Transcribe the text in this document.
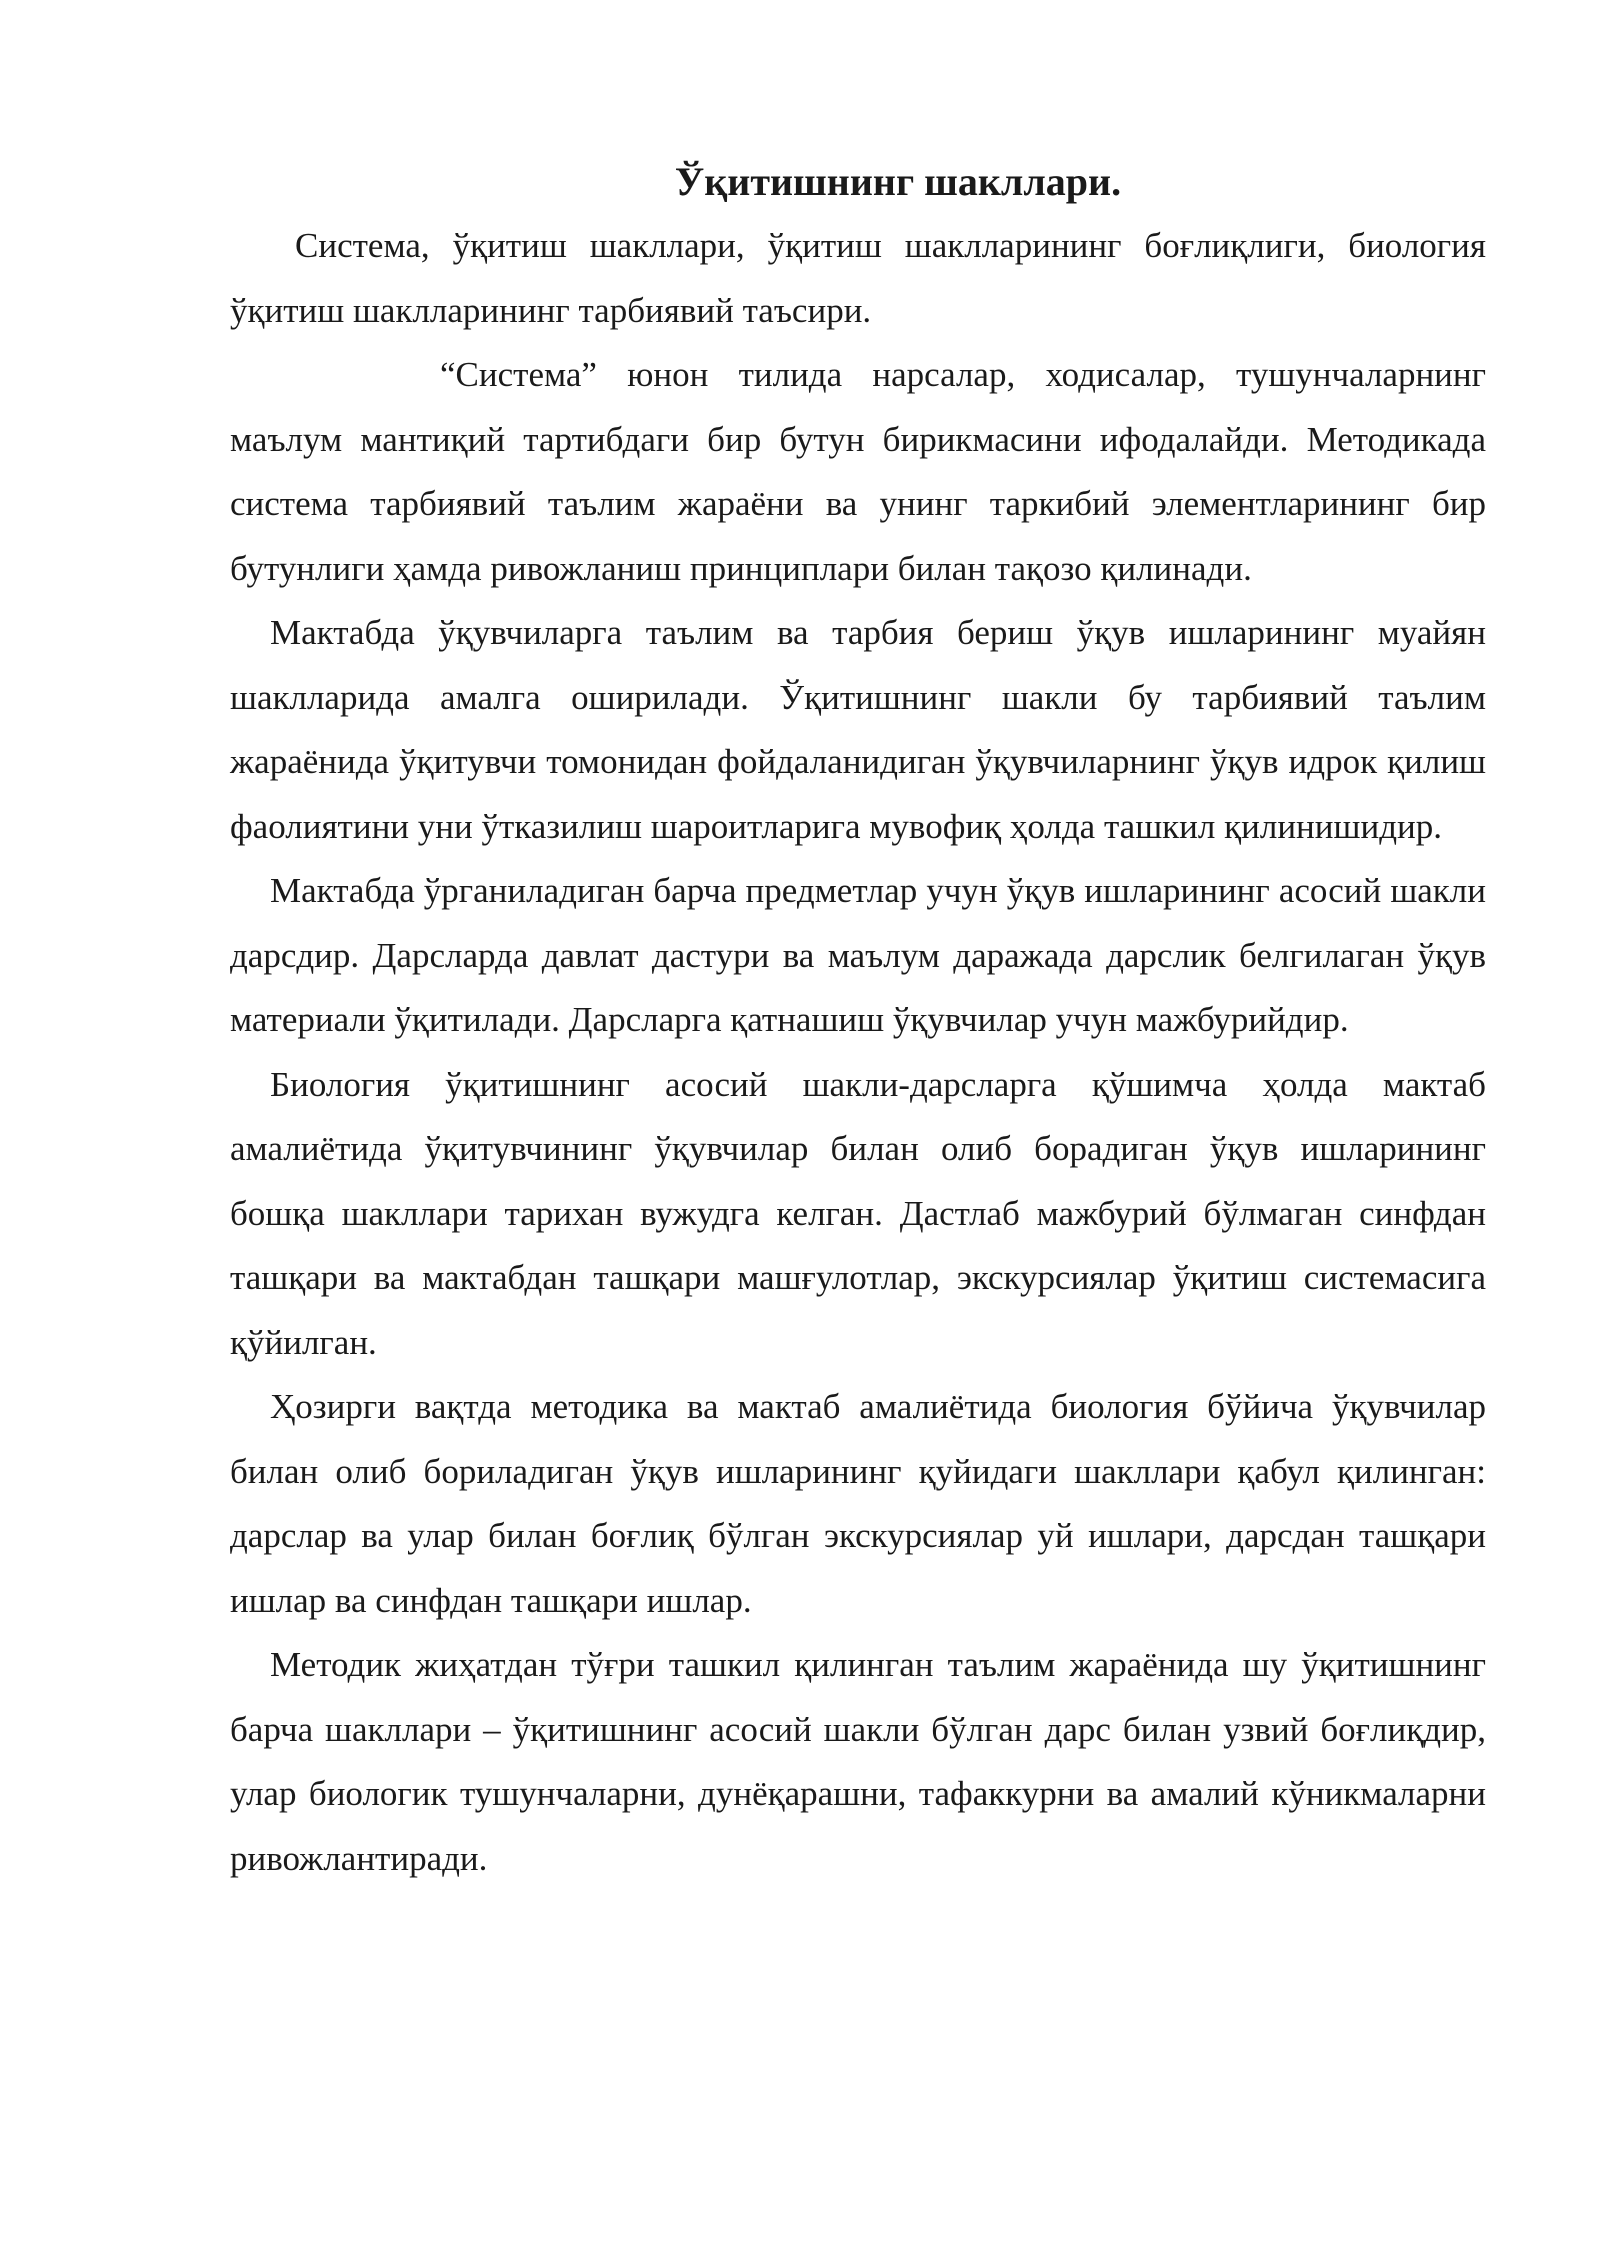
Ўқитишнинг шакллари.

Система, ўқитиш шакллари, ўқитиш шаклларининг боғлиқлиги, биология ўқитиш шаклларининг тарбиявий таъсири.

“Система” юнон тилида нарсалар, ходисалар, тушунчаларнинг маълум мантиқий тартибдаги бир бутун бирикмасини ифодалайди. Методикада система тарбиявий таълим жараёни ва унинг таркибий элементларининг бир бутунлиги ҳамда ривожланиш принциплари билан тақозо қилинади.

Мактабда ўқувчиларга таълим ва тарбия бериш ўқув ишларининг муайян шаклларида амалга оширилади. Ўқитишнинг шакли бу тарбиявий таълим жараёнида ўқитувчи томонидан фойдаланидиган ўқувчиларнинг ўқув идрок қилиш фаолиятини уни ўтказилиш шароитларига мувофиқ ҳолда ташкил қилинишидир.

Мактабда ўрганиладиган барча предметлар учун ўқув ишларининг асосий шакли дарсдир. Дарсларда давлат дастури ва маълум даражада дарслик белгилаган ўқув материали ўқитилади. Дарсларга қатнашиш ўқувчилар учун мажбурийдир.

Биология ўқитишнинг асосий шакли-дарсларга қўшимча ҳолда мактаб амалиётида ўқитувчининг ўқувчилар билан олиб борадиган ўқув ишларининг бошқа шакллари тарихан вужудга келган. Дастлаб мажбурий бўлмаган синфдан ташқари ва мактабдан ташқари машғулотлар, экскурсиялар ўқитиш системасига қўйилган.

Ҳозирги вақтда методика ва мактаб амалиётида биология бўйича ўқувчилар билан олиб бориладиган ўқув ишларининг қуйидаги шакллари қабул қилинган: дарслар ва улар билан боғлиқ бўлган экскурсиялар уй ишлари, дарсдан ташқари ишлар ва синфдан ташқари ишлар.

Методик жиҳатдан тўғри ташкил қилинган таълим жараёнида шу ўқитишнинг барча шакллари – ўқитишнинг асосий шакли бўлган дарс билан узвий боғлиқдир, улар биологик тушунчаларни, дунёқарашни, тафаккурни ва амалий кўникмаларни ривожлантиради.
